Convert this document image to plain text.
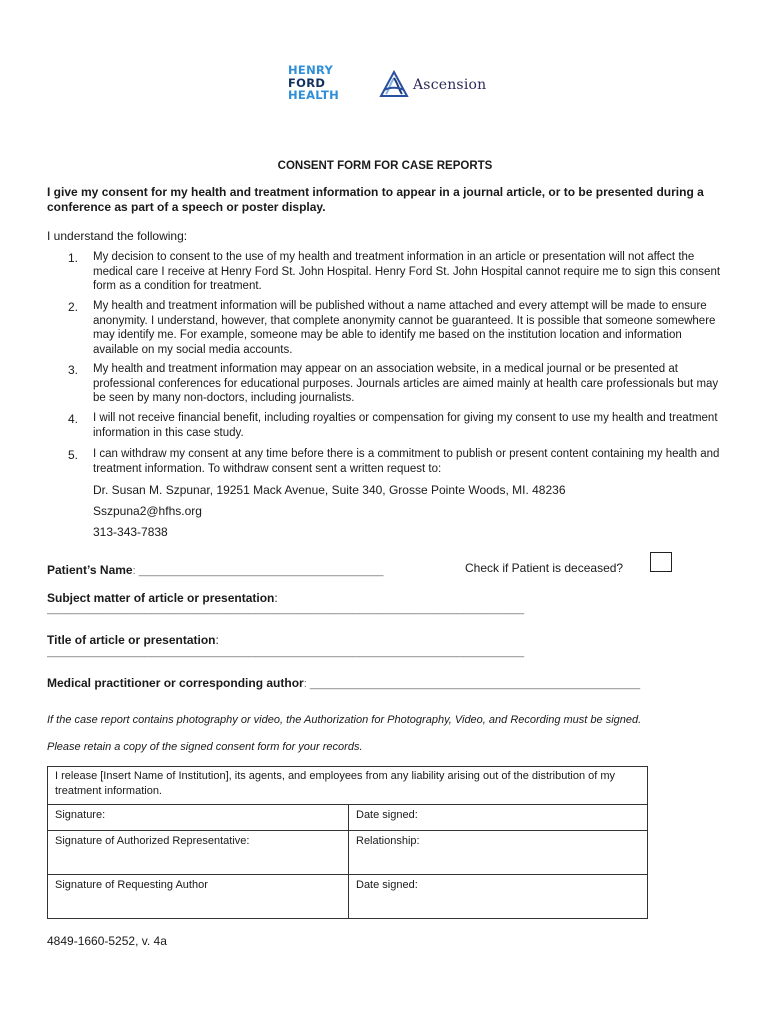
HENRY
FORD
HEALTH
Ascension
CONSENT FORM FOR CASE REPORTS
I give my consent for my health and treatment information to appear in a journal article, or to be presented during a conference as part of a speech or poster display.
I understand the following:
1. My decision to consent to the use of my health and treatment information in an article or presentation will not affect the medical care I receive at Henry Ford St. John Hospital. Henry Ford St. John Hospital cannot require me to sign this consent form as a condition for treatment.
2. My health and treatment information will be published without a name attached and every attempt will be made to ensure anonymity. I understand, however, that complete anonymity cannot be guaranteed. It is possible that someone somewhere may identify me. For example, someone may be able to identify me based on the institution location and information available on my social media accounts.
3. My health and treatment information may appear on an association website, in a medical journal or be presented at professional conferences for educational purposes. Journals articles are aimed mainly at health care professionals but may be seen by many non-doctors, including journalists.
4. I will not receive financial benefit, including royalties or compensation for giving my consent to use my health and treatment information in this case study.
5. I can withdraw my consent at any time before there is a commitment to publish or present content containing my health and treatment information. To withdraw consent sent a written request to:
Dr. Susan M. Szpunar, 19251 Mack Avenue, Suite 340, Grosse Pointe Woods, MI. 48236
Sszpuna2@hfhs.org
313-343-7838
Patient’s Name: ________________________________________	Check if Patient is deceased?
Subject matter of article or presentation:
______________________________________________________________________________
Title of article or presentation:
______________________________________________________________________________
Medical practitioner or corresponding author: ______________________________________________________
If the case report contains photography or video, the Authorization for Photography, Video, and Recording must be signed.
Please retain a copy of the signed consent form for your records.
I release [Insert Name of Institution], its agents, and employees from any liability arising out of the distribution of my treatment information.	
Signature:	Date signed:
Signature of Authorized Representative:	Relationship:
Signature of Requesting Author	Date signed:
4849-1660-5252, v. 4a
